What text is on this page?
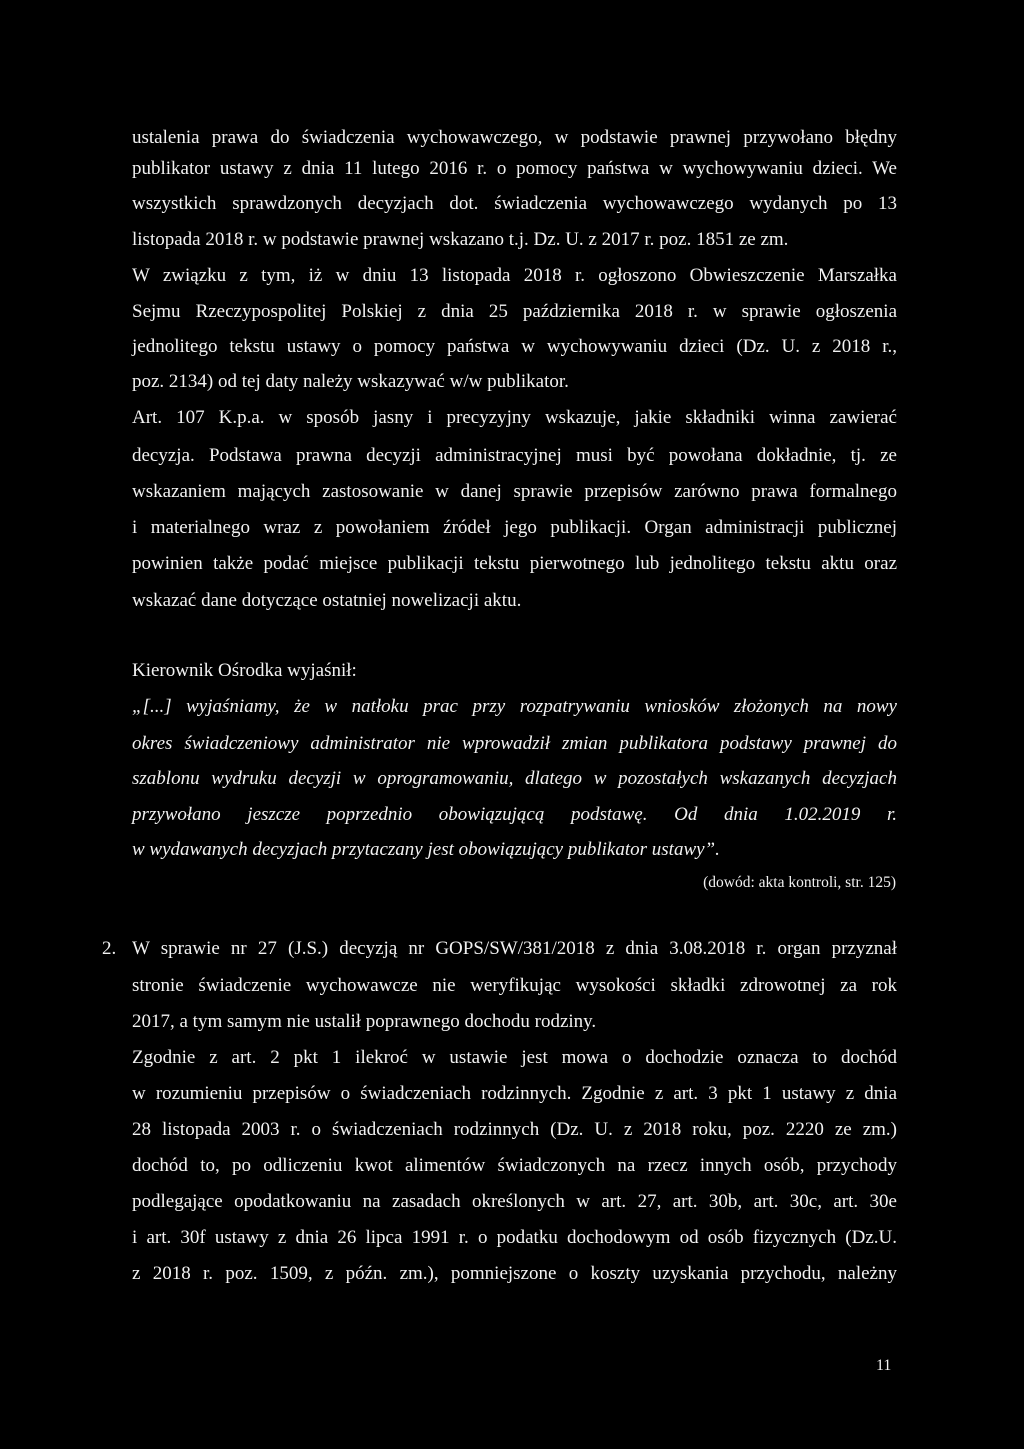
ustalenia prawa do świadczenia wychowawczego, w podstawie prawnej przywołano błędny
publikator ustawy z dnia 11 lutego 2016 r. o pomocy państwa w wychowywaniu dzieci. We
wszystkich sprawdzonych decyzjach dot. świadczenia wychowawczego wydanych po 13
listopada 2018 r. w podstawie prawnej wskazano t.j. Dz. U. z 2017 r. poz. 1851 ze zm.
W związku z tym, iż w dniu 13 listopada 2018 r. ogłoszono Obwieszczenie Marszałka
Sejmu Rzeczypospolitej Polskiej z dnia 25 października 2018 r. w sprawie ogłoszenia
jednolitego tekstu ustawy o pomocy państwa w wychowywaniu dzieci (Dz. U. z 2018 r.,
poz. 2134) od tej daty należy wskazywać w/w publikator.
Art. 107 K.p.a. w sposób jasny i precyzyjny wskazuje, jakie składniki winna zawierać
decyzja. Podstawa prawna decyzji administracyjnej musi być powołana dokładnie, tj. ze
wskazaniem mających zastosowanie w danej sprawie przepisów zarówno prawa formalnego
i materialnego wraz z powołaniem źródeł jego publikacji. Organ administracji publicznej
powinien także podać miejsce publikacji tekstu pierwotnego lub jednolitego tekstu aktu oraz
wskazać dane dotyczące ostatniej nowelizacji aktu.
Kierownik Ośrodka wyjaśnił:
„[...] wyjaśniamy, że w natłoku prac przy rozpatrywaniu wniosków złożonych na nowy
okres świadczeniowy administrator nie wprowadził zmian publikatora podstawy prawnej do
szablonu wydruku decyzji w oprogramowaniu, dlatego w pozostałych wskazanych decyzjach
przywołano jeszcze poprzednio obowiązującą podstawę. Od dnia 1.02.2019 r.
w wydawanych decyzjach przytaczany jest obowiązujący publikator ustawy”.
(dowód: akta kontroli, str. 125)
2. W sprawie nr 27 (J.S.) decyzją nr GOPS/SW/381/2018 z dnia 3.08.2018 r. organ przyznał
stronie świadczenie wychowawcze nie weryfikując wysokości składki zdrowotnej za rok
2017, a tym samym nie ustalił poprawnego dochodu rodziny.
Zgodnie z art. 2 pkt 1 ilekroć w ustawie jest mowa o dochodzie oznacza to dochód
w rozumieniu przepisów o świadczeniach rodzinnych. Zgodnie z art. 3 pkt 1 ustawy z dnia
28 listopada 2003 r. o świadczeniach rodzinnych (Dz. U. z 2018 roku, poz. 2220 ze zm.)
dochód to, po odliczeniu kwot alimentów świadczonych na rzecz innych osób, przychody
podlegające opodatkowaniu na zasadach określonych w art. 27, art. 30b, art. 30c, art. 30e
i art. 30f ustawy z dnia 26 lipca 1991 r. o podatku dochodowym od osób fizycznych (Dz.U.
z 2018 r. poz. 1509, z późn. zm.), pomniejszone o koszty uzyskania przychodu, należny
11
